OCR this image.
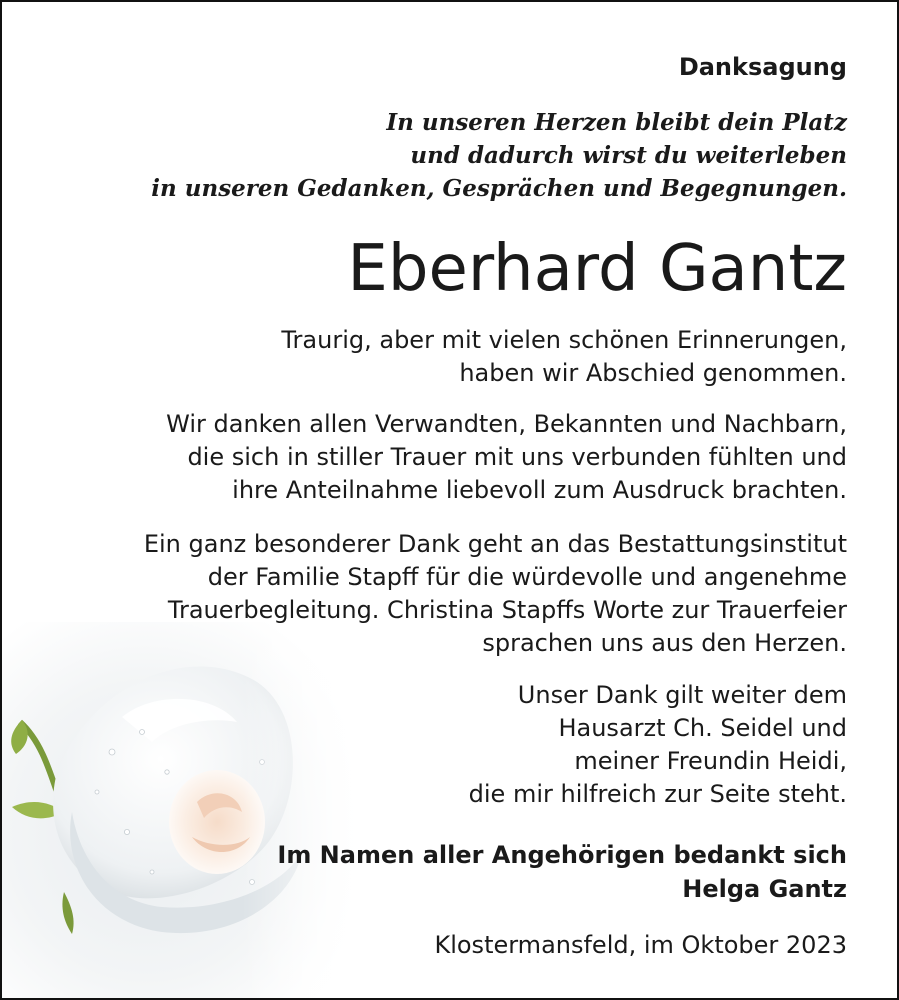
Danksagung
In unseren Herzen bleibt dein Platz
und dadurch wirst du weiterleben
in unseren Gedanken, Gesprächen und Begegnungen.
Eberhard Gantz
Traurig, aber mit vielen schönen Erinnerungen,
haben wir Abschied genommen.
Wir danken allen Verwandten, Bekannten und Nachbarn,
die sich in stiller Trauer mit uns verbunden fühlten und
ihre Anteilnahme liebevoll zum Ausdruck brachten.
Ein ganz besonderer Dank geht an das Bestattungsinstitut
der Familie Stapff für die würdevolle und angenehme
Trauerbegleitung. Christina Stapffs Worte zur Trauerfeier
sprachen uns aus den Herzen.
Unser Dank gilt weiter dem
Hausarzt Ch. Seidel und
meiner Freundin Heidi,
die mir hilfreich zur Seite steht.
Im Namen aller Angehörigen bedankt sich
Helga Gantz
Klostermansfeld, im Oktober 2023
